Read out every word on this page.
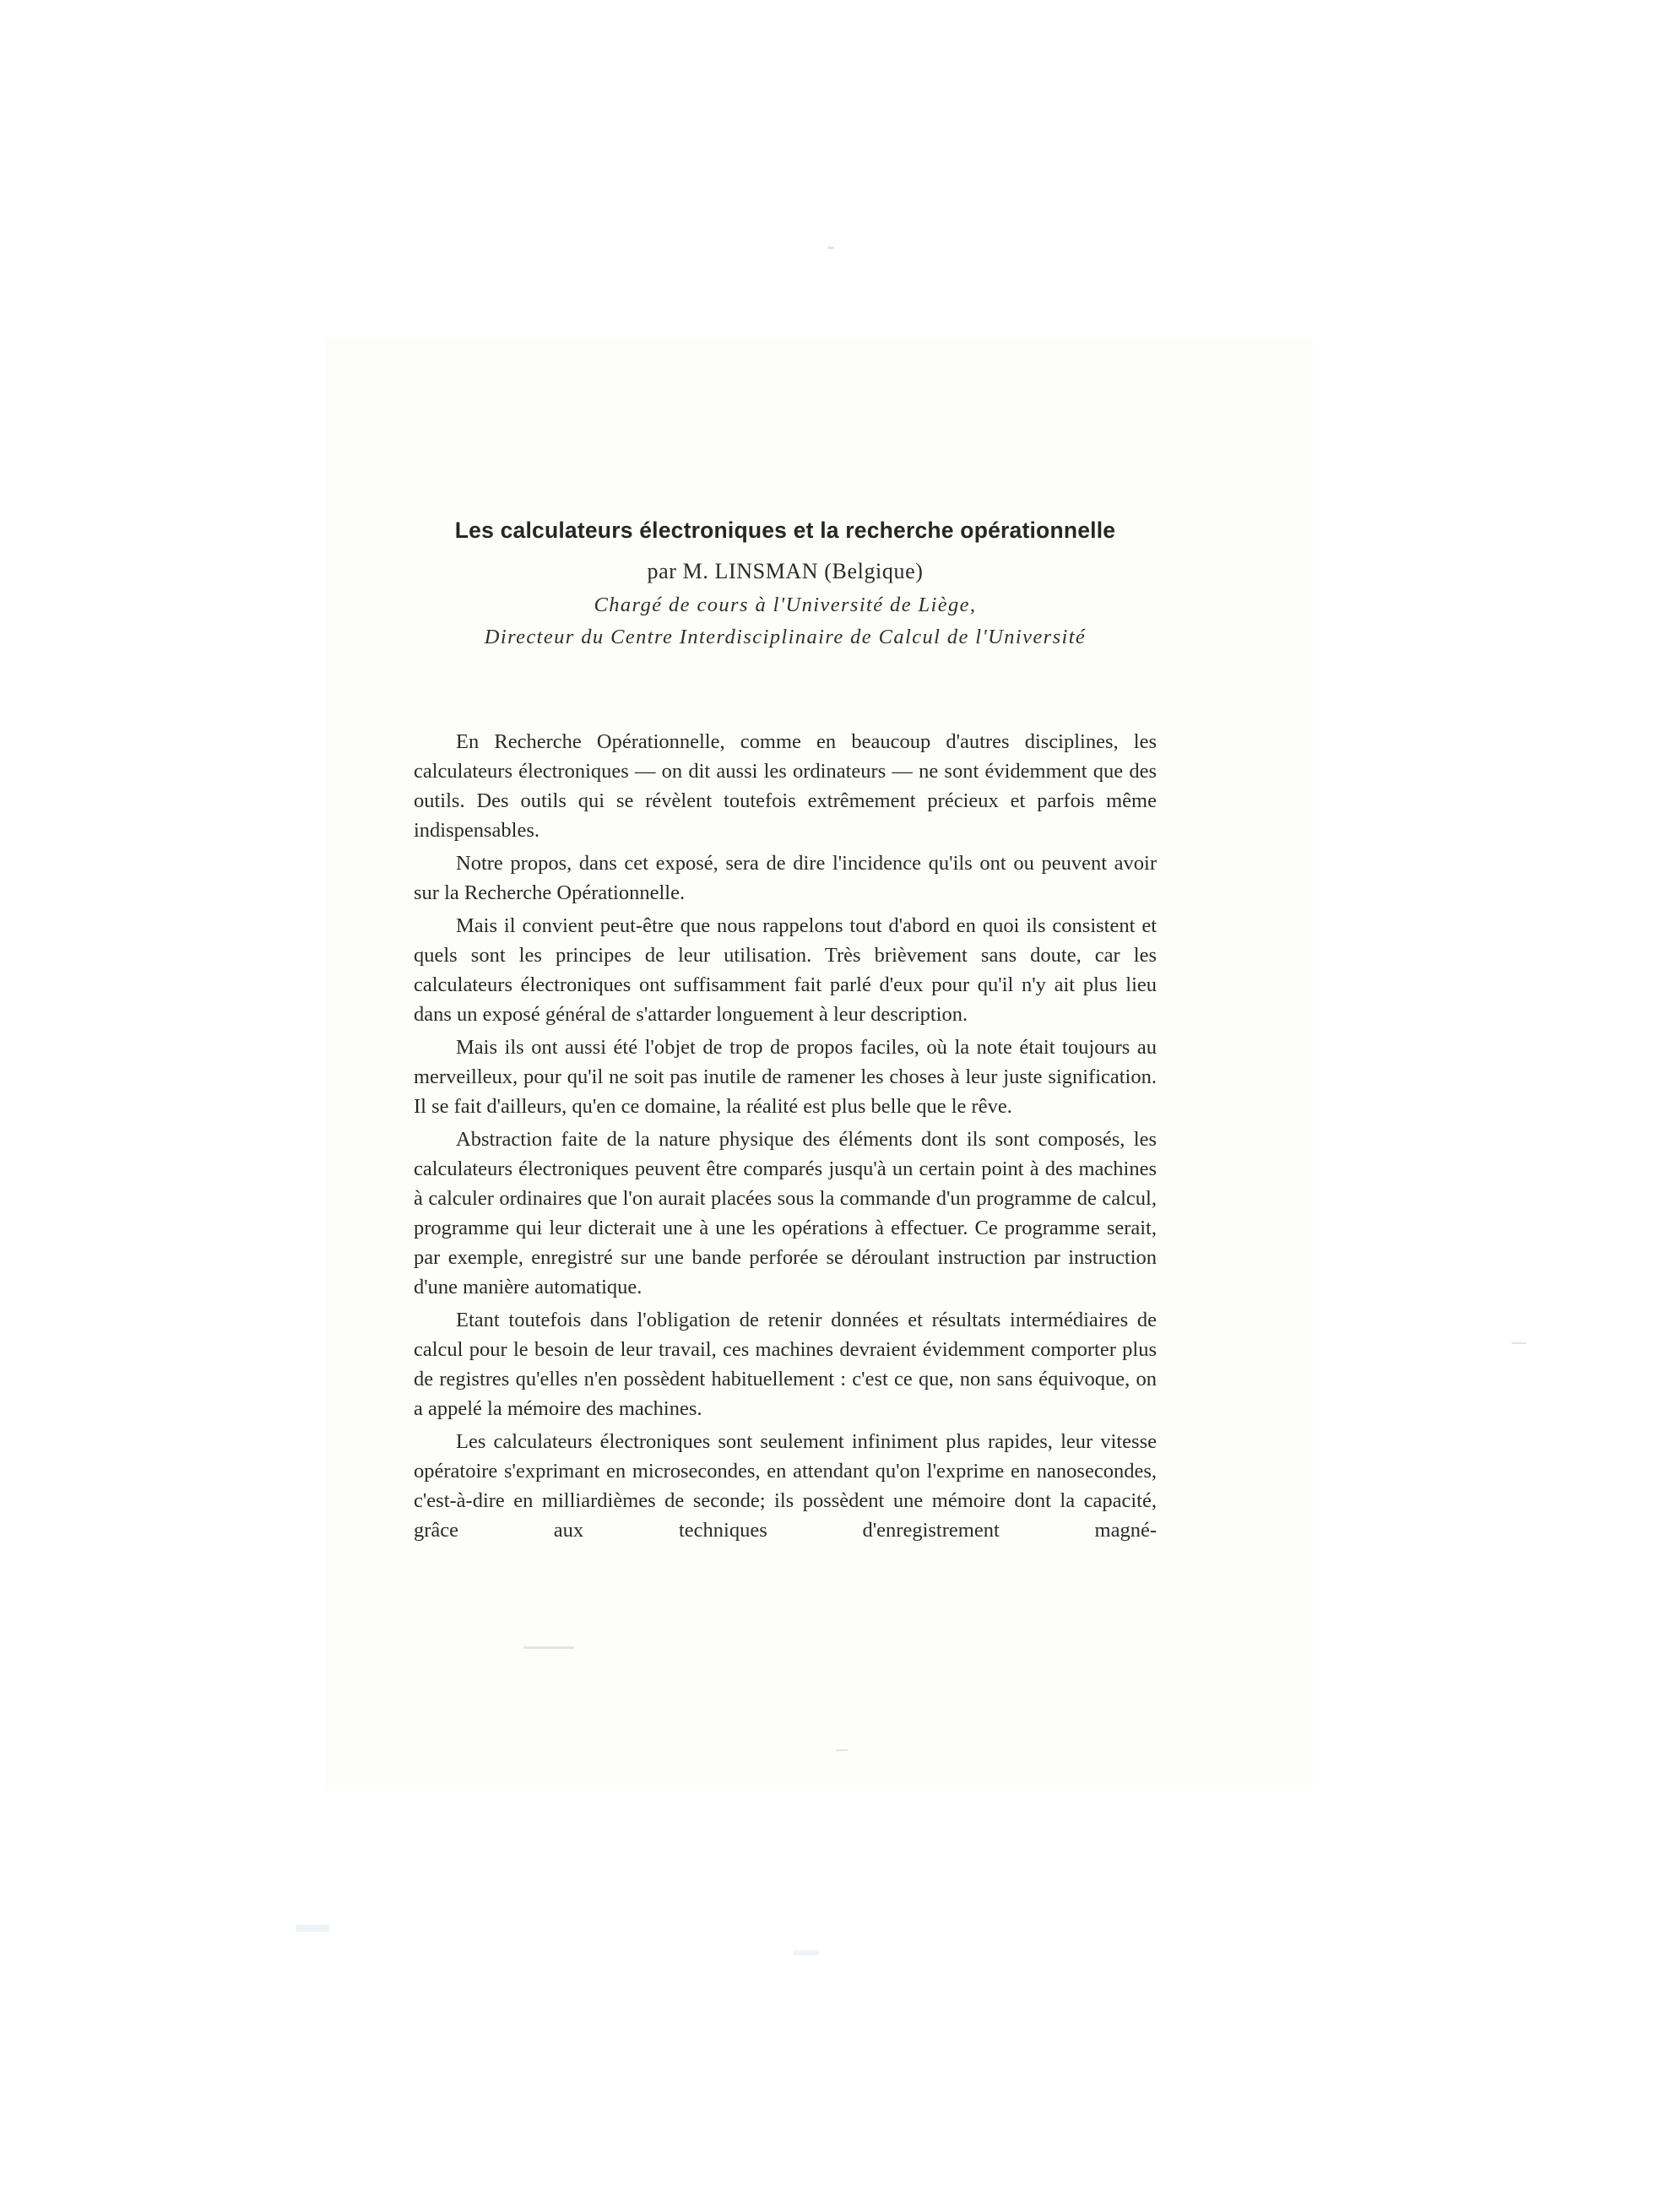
Les calculateurs électroniques et la recherche opérationnelle
par M. LINSMAN (Belgique)
Chargé de cours à l'Université de Liège,
Directeur du Centre Interdisciplinaire de Calcul de l'Université

En Recherche Opérationnelle, comme en beaucoup d'autres disciplines, les calculateurs électroniques — on dit aussi les ordinateurs — ne sont évidemment que des outils. Des outils qui se révèlent toutefois extrêmement précieux et parfois même indispensables.

Notre propos, dans cet exposé, sera de dire l'incidence qu'ils ont ou peuvent avoir sur la Recherche Opérationnelle.

Mais il convient peut-être que nous rappelons tout d'abord en quoi ils consistent et quels sont les principes de leur utilisation. Très brièvement sans doute, car les calculateurs électroniques ont suffisamment fait parlé d'eux pour qu'il n'y ait plus lieu dans un exposé général de s'attarder longuement à leur description.

Mais ils ont aussi été l'objet de trop de propos faciles, où la note était toujours au merveilleux, pour qu'il ne soit pas inutile de ramener les choses à leur juste signification. Il se fait d'ailleurs, qu'en ce domaine, la réalité est plus belle que le rêve.

Abstraction faite de la nature physique des éléments dont ils sont composés, les calculateurs électroniques peuvent être comparés jusqu'à un certain point à des machines à calculer ordinaires que l'on aurait placées sous la commande d'un programme de calcul, programme qui leur dicterait une à une les opérations à effectuer. Ce programme serait, par exemple, enregistré sur une bande perforée se déroulant instruction par instruction d'une manière automatique.

Etant toutefois dans l'obligation de retenir données et résultats intermédiaires de calcul pour le besoin de leur travail, ces machines devraient évidemment comporter plus de registres qu'elles n'en possèdent habituellement : c'est ce que, non sans équivoque, on a appelé la mémoire des machines.

Les calculateurs électroniques sont seulement infiniment plus rapides, leur vitesse opératoire s'exprimant en microsecondes, en attendant qu'on l'exprime en nanosecondes, c'est-à-dire en milliardièmes de seconde; ils possèdent une mémoire dont la capacité, grâce aux techniques d'enregistrement magné-
